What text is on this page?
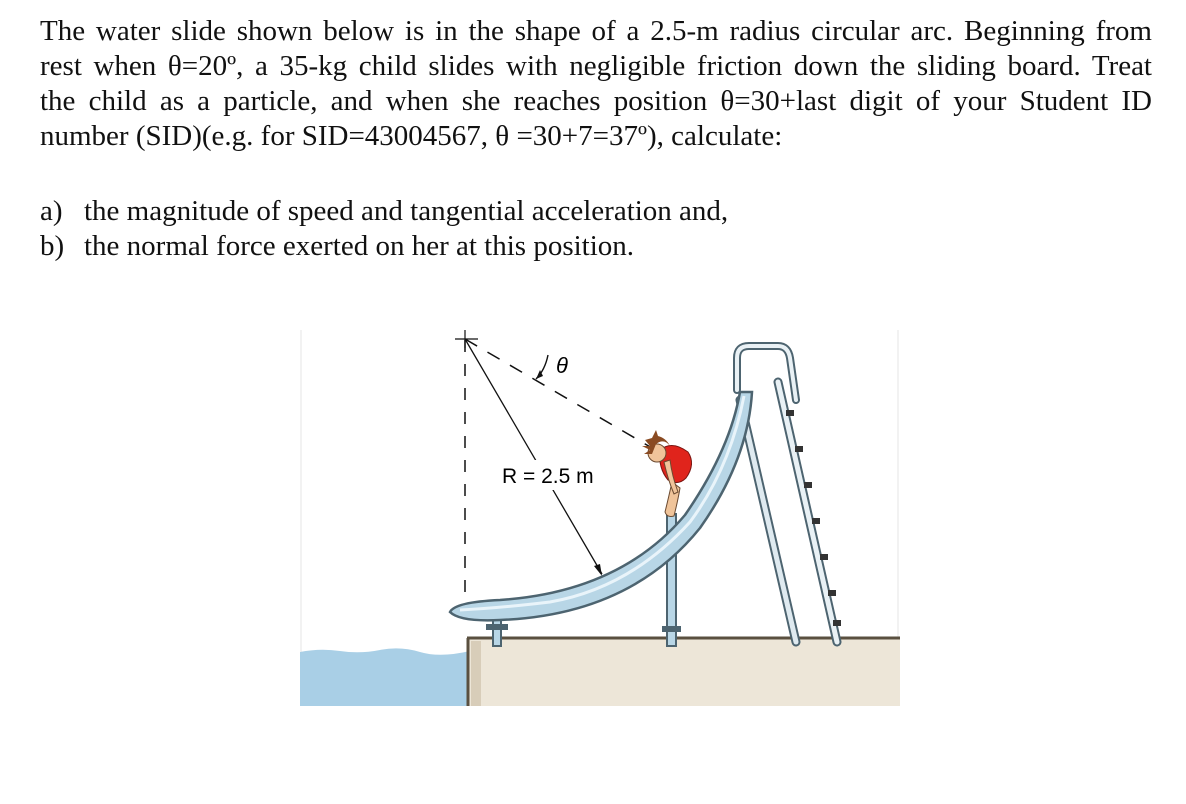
The water slide shown below is in the shape of a 2.5-m radius circular arc. Beginning from
rest when θ=20º, a 35-kg child slides with negligible friction down the sliding board. Treat
the child as a particle, and when she reaches position θ=30+last digit of your Student ID
number (SID)(e.g. for SID=43004567, θ =30+7=37º), calculate:

a) the magnitude of speed and tangential acceleration and,
b) the normal force exerted on her at this position.
θ
R = 2.5 m
